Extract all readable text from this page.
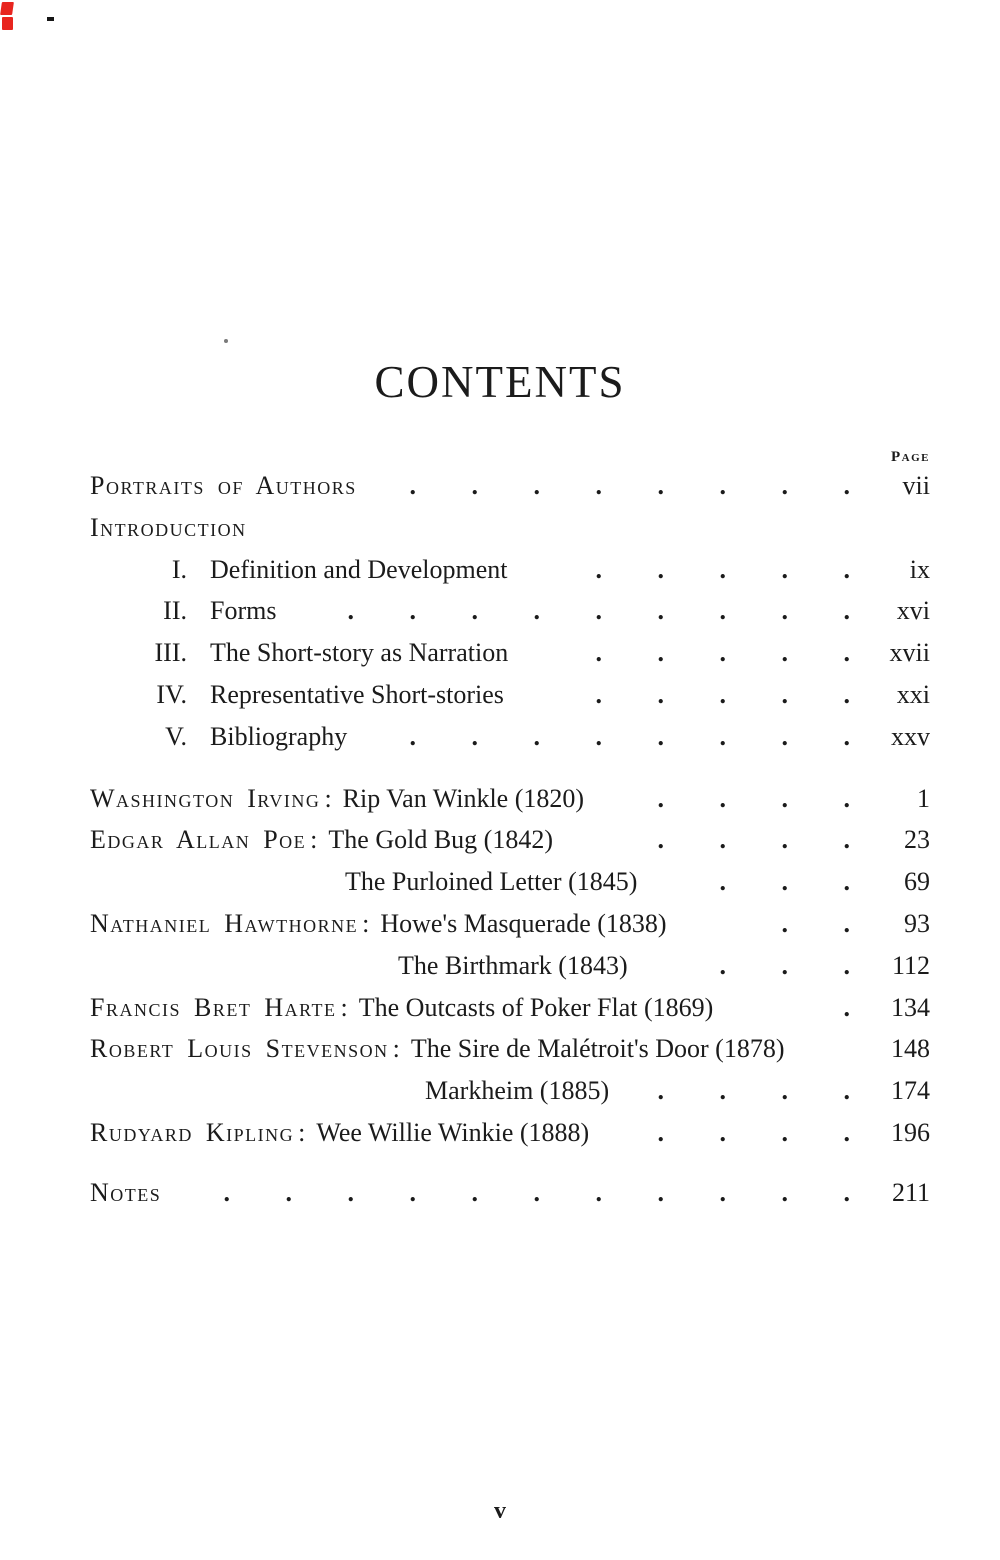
CONTENTS
Page
Portraits of Authors	.	.	.	.	.	.	.	.	vii
Introduction
I. Definition and Development	.	.	.	.	.	ix
II. Forms	.	.	.	.	.	.	.	.	.	xvi
III. The Short-story as Narration	.	.	.	.	.	xvii
IV. Representative Short-stories	.	.	.	.	.	xxi
V. Bibliography	.	.	.	.	.	.	.	.	xxv
Washington Irving : Rip Van Winkle (1820)	.	.	.	.	1
Edgar Allan Poe : The Gold Bug (1842)	.	.	.	.	23
The Purloined Letter (1845)	.	.	.	69
Nathaniel Hawthorne : Howe's Masquerade (1838)	.	.	93
The Birthmark (1843)	.	.	.	112
Francis Bret Harte : The Outcasts of Poker Flat (1869)	.	134
Robert Louis Stevenson : The Sire de Malétroit's Door (1878)	148
Markheim (1885)	.	.	.	.	174
Rudyard Kipling : Wee Willie Winkie (1888)	.	.	.	.	196
Notes	.	.	.	.	.	.	.	.	.	.	.	211
v
